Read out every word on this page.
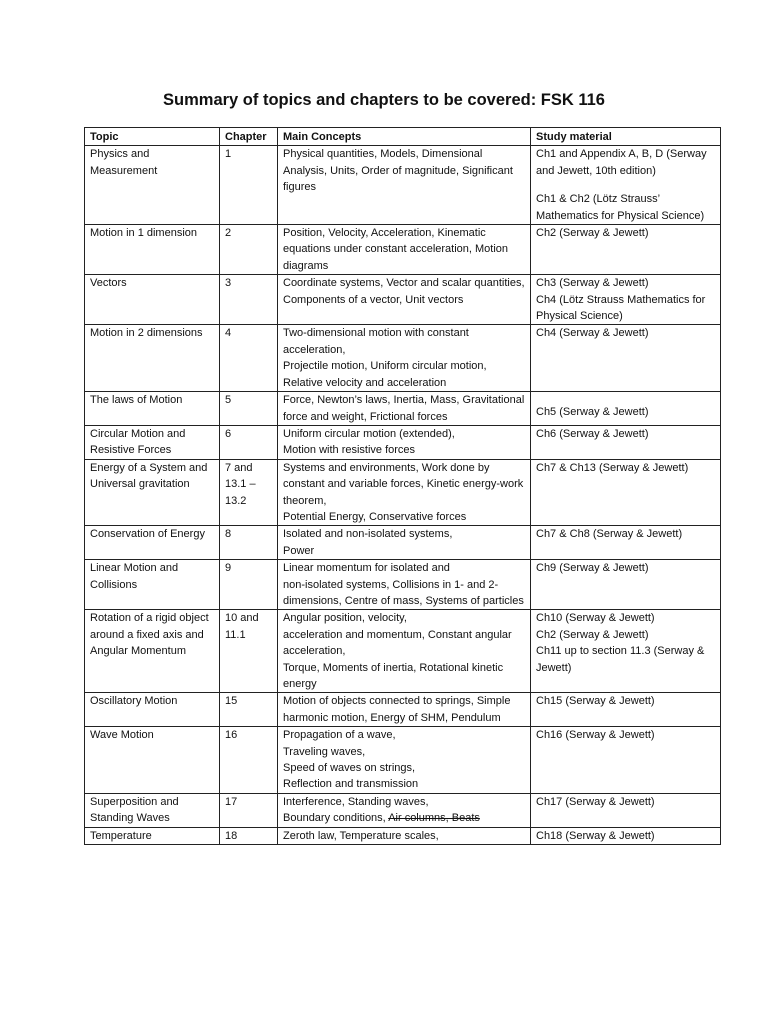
Summary of topics and chapters to be covered: FSK 116
Topic	Chapter	Main Concepts	Study material
Physics and Measurement	1	Physical quantities, Models, Dimensional Analysis, Units, Order of magnitude, Significant figures	Ch1 and Appendix A, B, D (Serway and Jewett, 10th edition)
Ch1 & Ch2 (Lötz Strauss’ Mathematics for Physical Science)

Motion in 1 dimension	2	Position, Velocity, Acceleration, Kinematic equations under constant acceleration, Motion diagrams	Ch2 (Serway & Jewett)

Vectors	3	Coordinate systems, Vector and scalar quantities, Components of a vector, Unit vectors	Ch3 (Serway & Jewett)
Ch4 (Lötz Strauss Mathematics for Physical Science)

Motion in 2 dimensions	4	Two-dimensional motion with constant acceleration,
Projectile motion, Uniform circular motion, Relative velocity and acceleration	Ch4 (Serway & Jewett)

The laws of Motion	5	Force, Newton’s laws, Inertia, Mass, Gravitational force and weight, Frictional forces	Ch5 (Serway & Jewett)

Circular Motion and Resistive Forces	6	Uniform circular motion (extended),
Motion with resistive forces	Ch6 (Serway & Jewett)

Energy of a System and Universal gravitation	7 and 13.1 – 13.2	Systems and environments, Work done by constant and variable forces, Kinetic energy-work theorem,
Potential Energy, Conservative forces	Ch7 & Ch13 (Serway & Jewett)

Conservation of Energy	8	Isolated and non-isolated systems,
Power	Ch7 & Ch8 (Serway & Jewett)

Linear Motion and Collisions	9	Linear momentum for isolated and
non-isolated systems, Collisions in 1- and 2-dimensions, Centre of mass, Systems of particles	Ch9 (Serway & Jewett)

Rotation of a rigid object around a fixed axis and Angular Momentum	10 and 11.1	Angular position, velocity,
acceleration and momentum, Constant angular acceleration,
Torque, Moments of inertia, Rotational kinetic energy	Ch10 (Serway & Jewett)
Ch2 (Serway & Jewett)
Ch11 up to section 11.3 (Serway & Jewett)

Oscillatory Motion	15	Motion of objects connected to springs, Simple harmonic motion, Energy of SHM, Pendulum	Ch15 (Serway & Jewett)

Wave Motion	16	Propagation of a wave,
Traveling waves,
Speed of waves on strings,
Reflection and transmission	Ch16 (Serway & Jewett)

Superposition and Standing Waves	17	Interference, Standing waves,
Boundary conditions, Air columns, Beats	Ch17 (Serway & Jewett)

Temperature	18	Zeroth law, Temperature scales,	Ch18 (Serway & Jewett)
